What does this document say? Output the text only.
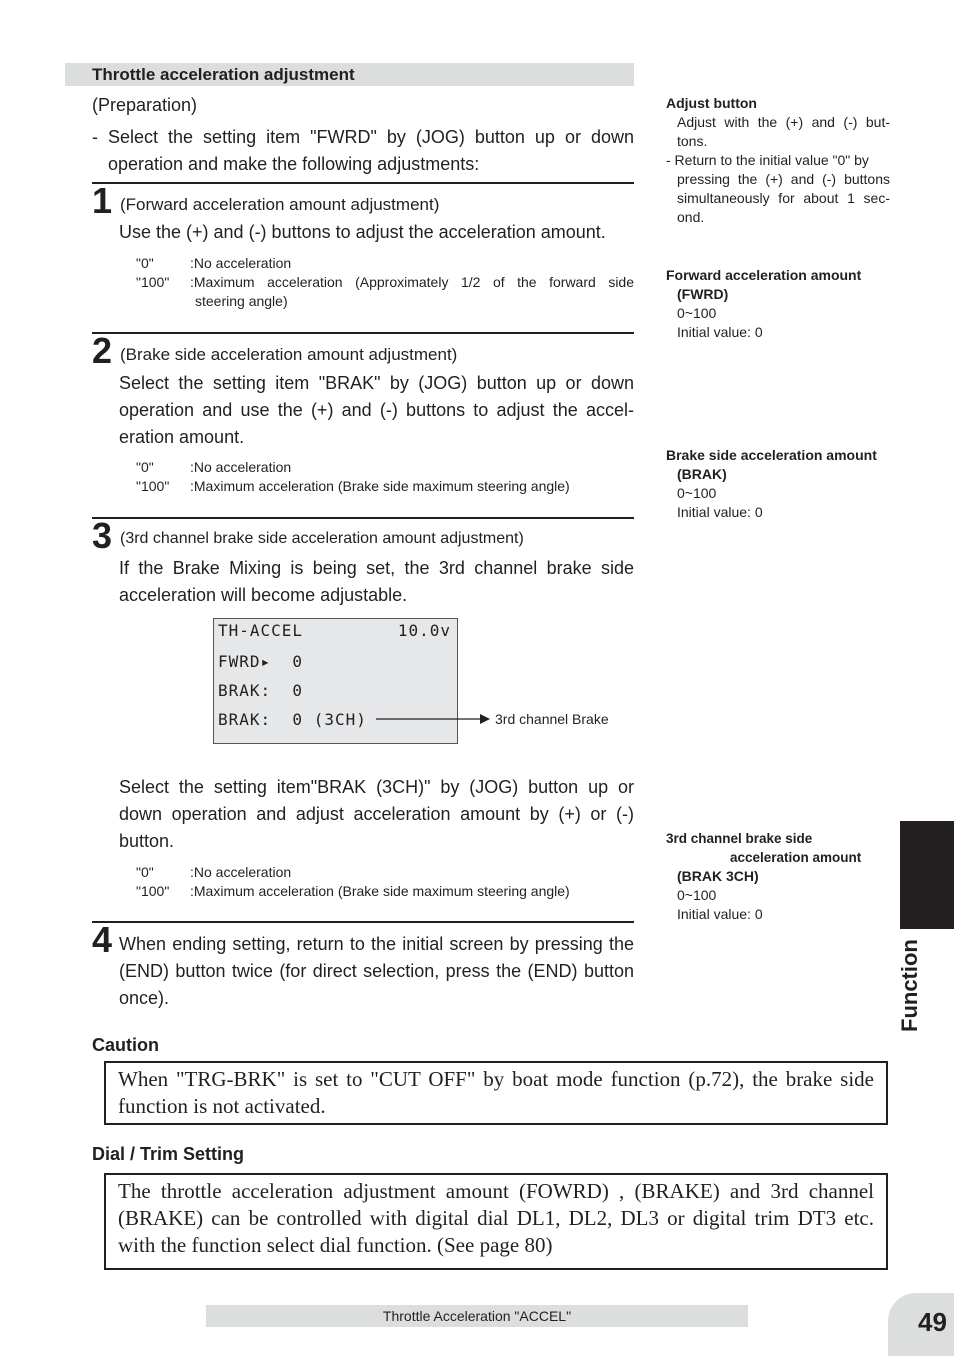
Throttle acceleration adjustment
(Preparation)
- Select the setting item "FWRD" by (JOG) button up or down
operation and make the following adjustments:
1 (Forward acceleration amount adjustment)
Use the (+) and (-) buttons to adjust the acceleration amount.
"0"	:No acceleration
"100" :Maximum acceleration (Approximately 1/2 of the forward side
steering angle)
2 (Brake side acceleration amount adjustment)
Select the setting item "BRAK" by (JOG) button up or down operation and use the (+) and (-) buttons to adjust the accel- eration amount.
"0"	:No acceleration
"100" :Maximum acceleration (Brake side maximum steering angle)
3 (3rd channel brake side acceleration amount adjustment)
If the Brake Mixing is being set, the 3rd channel brake side acceleration will become adjustable.
TH-ACCEL	10.0v
FWRD▸  0
BRAK:  0
BRAK:  0 (3CH)	3rd channel Brake
Select the setting item"BRAK (3CH)" by (JOG) button up or down operation and adjust acceleration amount by (+) or (-) button.
"0"	:No acceleration
"100" :Maximum acceleration (Brake side maximum steering angle)
4 When ending setting, return to the initial screen by pressing the (END) button twice (for direct selection, press the (END) button once).
Caution
When "TRG-BRK" is set to "CUT OFF" by boat mode function (p.72), the brake side function is not activated.
Dial / Trim Setting
The throttle acceleration adjustment amount (FOWRD) , (BRAKE) and 3rd channel (BRAKE) can be controlled with digital dial DL1, DL2, DL3 or digital trim DT3 etc. with the function select dial function. (See page 80)
Adjust button
Adjust with the (+) and (-) but- tons.
- Return to the initial value "0" by
pressing the (+) and (-) buttons simultaneously for about 1 sec- ond.
Forward acceleration amount
(FWRD)
0~100
Initial value: 0
Brake side acceleration amount
(BRAK)
0~100
Initial value: 0
3rd channel brake side
acceleration amount
(BRAK 3CH)
0~100
Initial value: 0
Function
Throttle Acceleration "ACCEL"	49
